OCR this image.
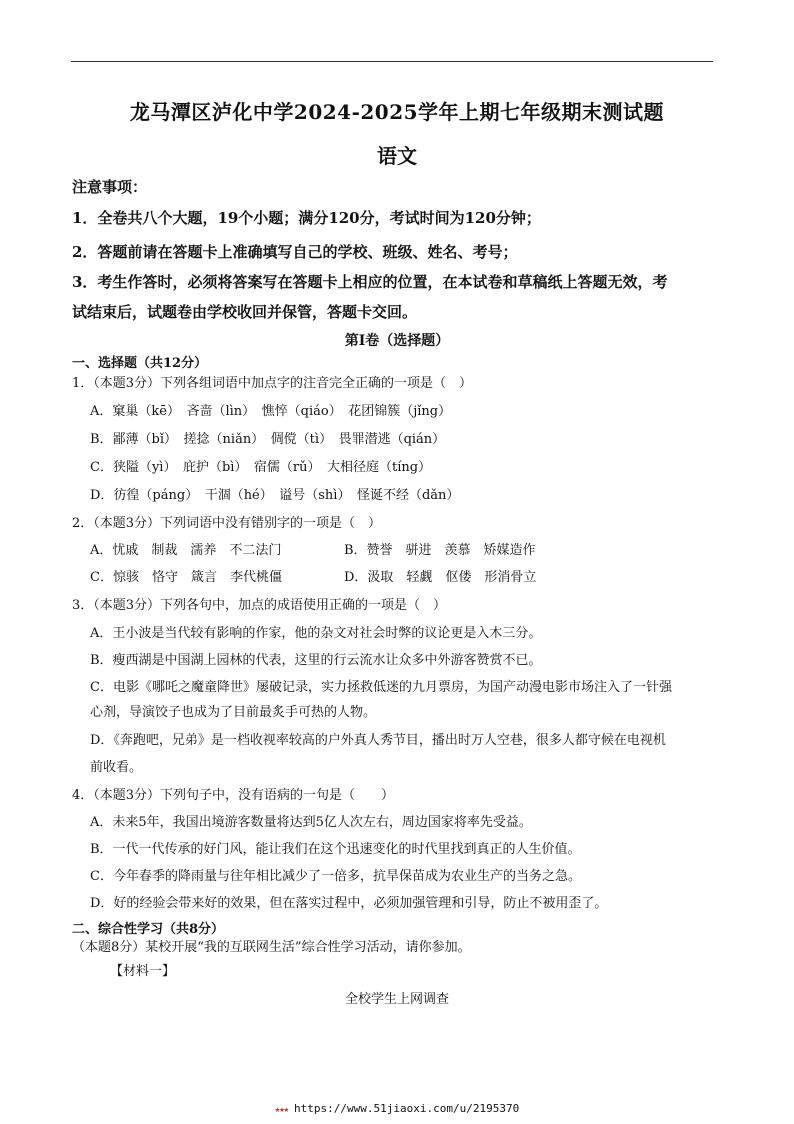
龙马潭区泸化中学2024-2025学年上期七年级期末测试题
语文
注意事项：
1．全卷共八个大题，19个小题；满分120分，考试时间为120分钟；
2．答题前请在答题卡上准确填写自己的学校、班级、姓名、考号；
3．考生作答时，必须将答案写在答题卡上相应的位置，在本试卷和草稿纸上答题无效，考
试结束后，试题卷由学校收回并保管，答题卡交回。
第Ⅰ卷（选择题）
一、选择题（共12分）
1．（本题3分）下列各组词语中加点字的注音完全正确的一项是（　）
A．窠巢（kē）　吝啬（lìn）　憔悴（qiáo）　花团锦簇（jǐng）
B．鄙薄（bǐ）　搓捻（niǎn）　倜傥（tì）　畏罪潜逃（qián）
C．狭隘（yì）　庇护（bì）　宿儒（rǔ）　大相径庭（tíng）
D．彷徨（páng）　干涸（hé）　谥号（shì）　怪诞不经（dǎn）
2．（本题3分）下列词语中没有错别字的一项是（　）
A．忧戚　制裁　濡养　不二法门	B．赞誉　骈进　羡慕　矫媒造作
C．惊骇　恪守　箴言　李代桃僵	D．汲取　轻觑　伛偻　形消骨立
3．（本题3分）下列各句中，加点的成语使用正确的一项是（　）
A．王小波是当代较有影响的作家，他的杂文对社会时弊的议论更是入木三分。
B．瘦西湖是中国湖上园林的代表，这里的行云流水让众多中外游客赞赏不已。
C．电影《哪吒之魔童降世》屡破记录，实力拯救低迷的九月票房，为国产动漫电影市场注入了一针强
心剂，导演饺子也成为了目前最炙手可热的人物。
D．《奔跑吧，兄弟》是一档收视率较高的户外真人秀节目，播出时万人空巷，很多人都守候在电视机
前收看。
4．（本题3分）下列句子中，没有语病的一句是（　　）
A．未来5年，我国出境游客数量将达到5亿人次左右，周边国家将率先受益。
B．一代一代传承的好门风，能让我们在这个迅速变化的时代里找到真正的人生价值。
C．今年春季的降雨量与往年相比减少了一倍多，抗旱保苗成为农业生产的当务之急。
D．好的经验会带来好的效果，但在落实过程中，必须加强管理和引导，防止不被用歪了。
二、综合性学习（共8分）
（本题8分）某校开展“我的互联网生活”综合性学习活动，请你参加。
【材料一】
全校学生上网调查
★★★ https://www.51jiaoxi.com/u/2195370
